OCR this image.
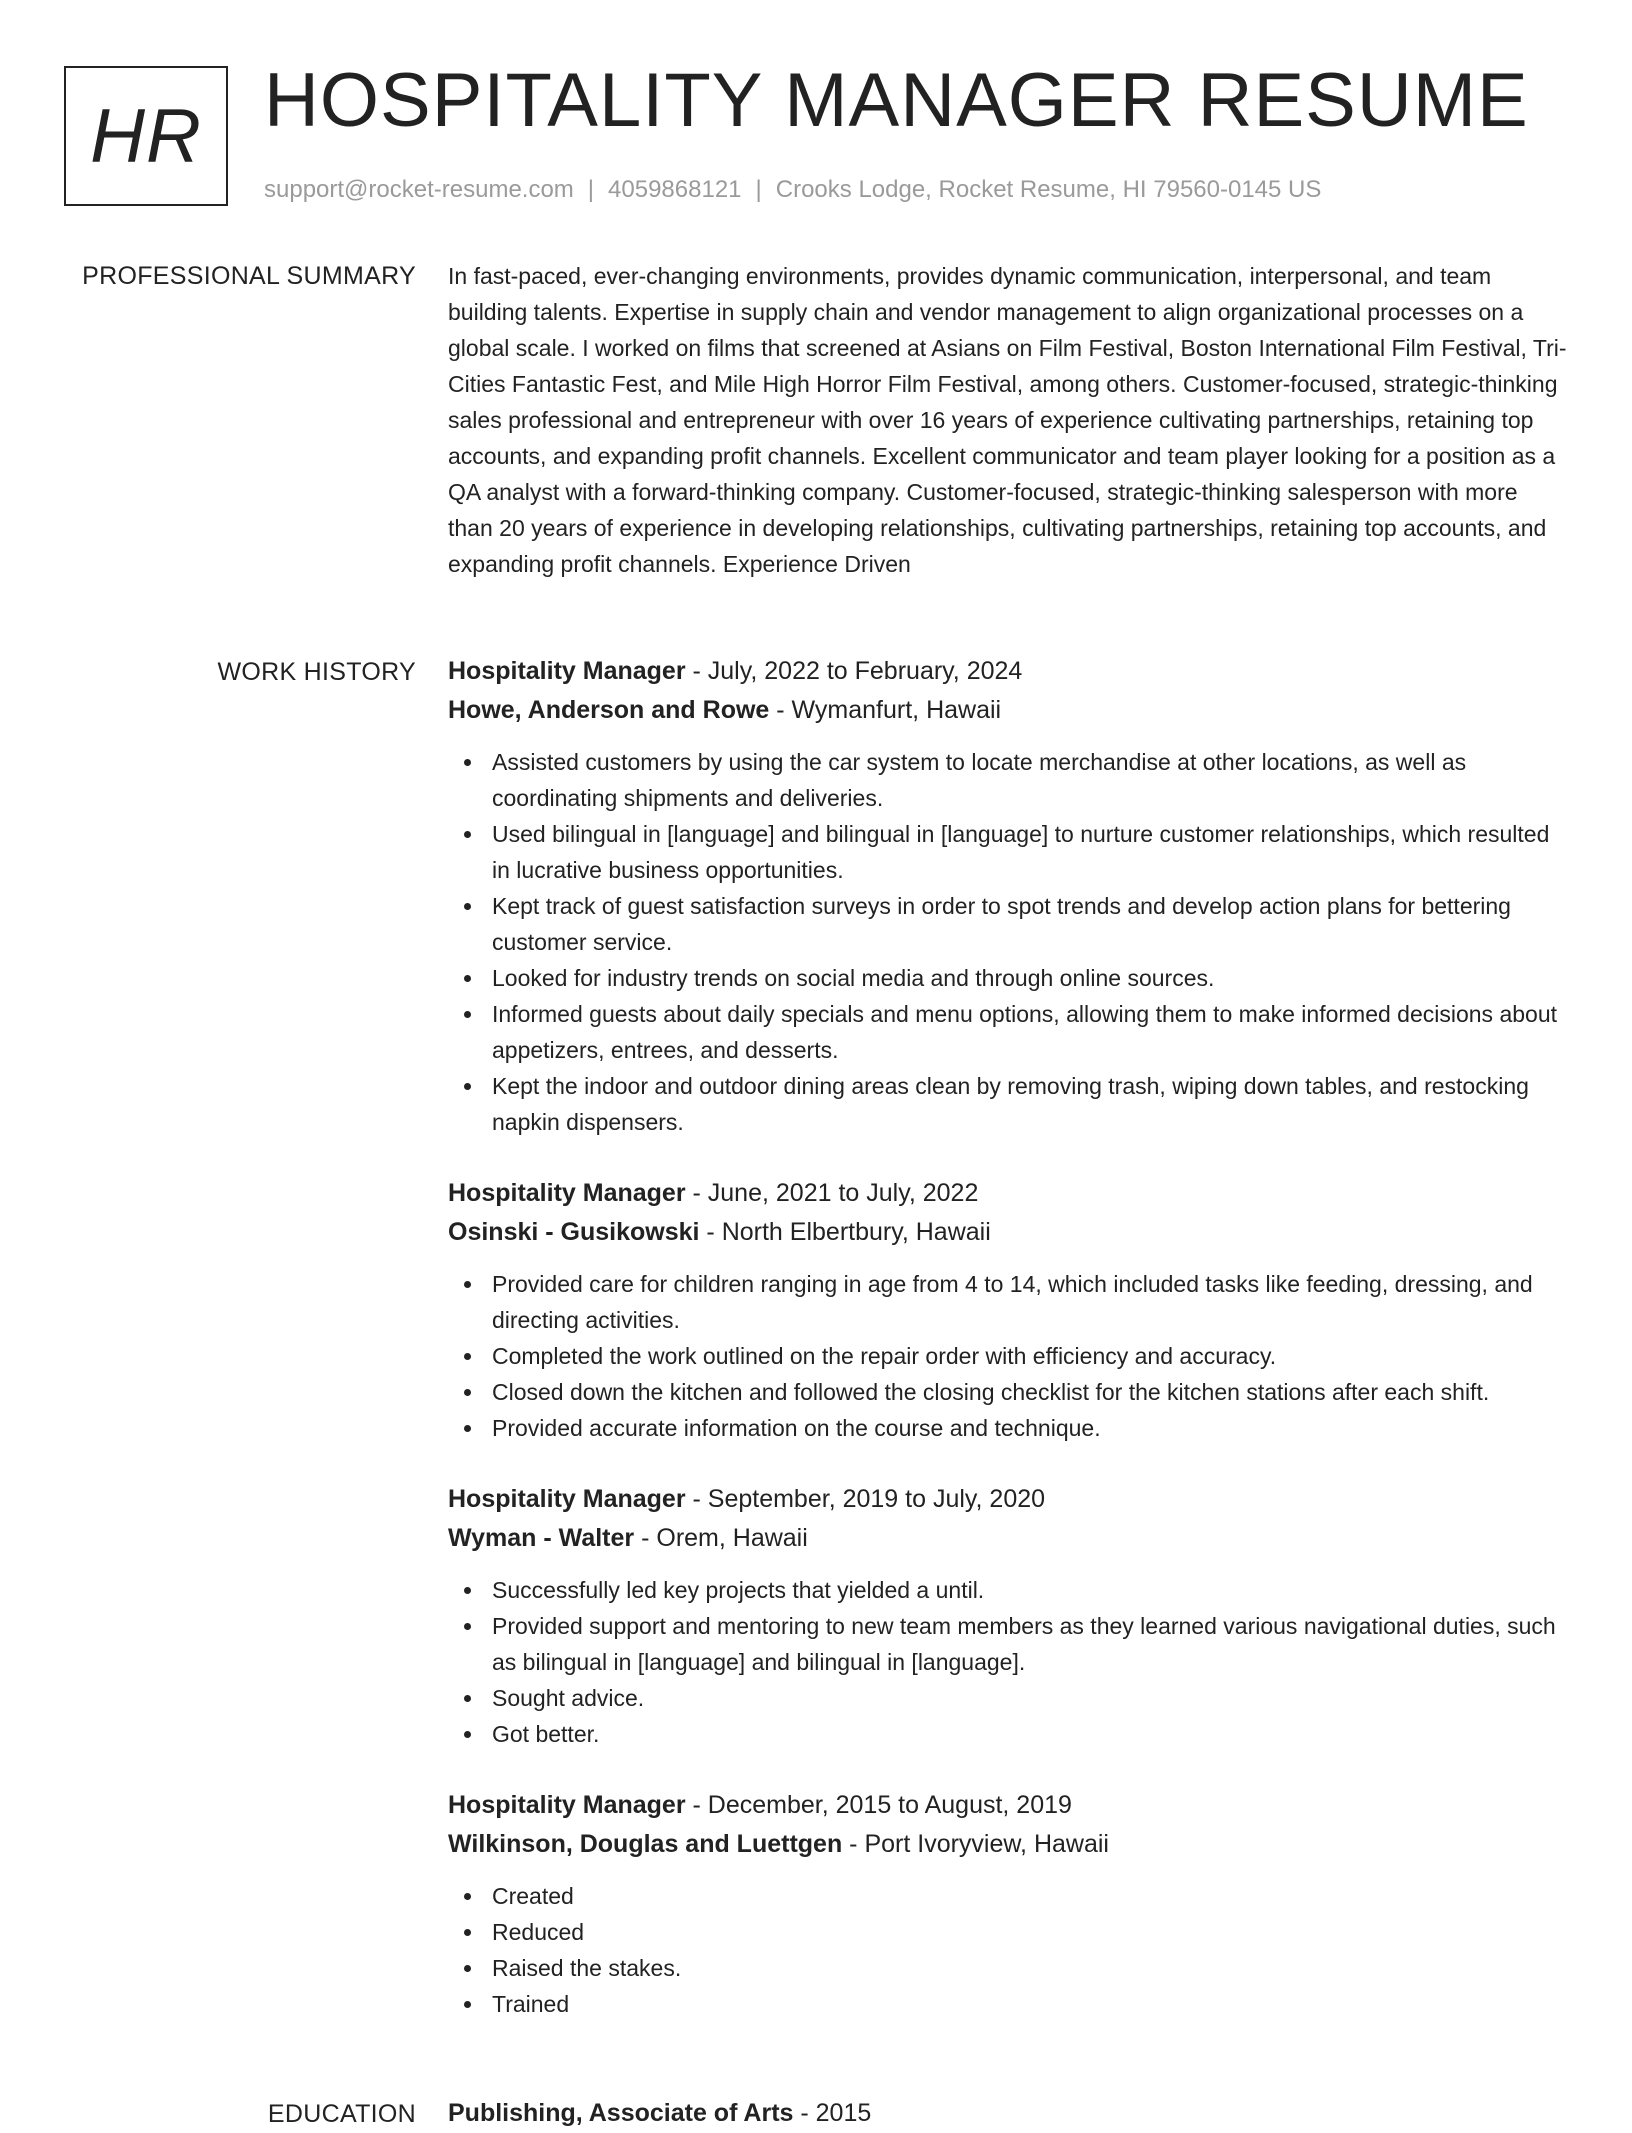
HR HOSPITALITY MANAGER RESUME
support@rocket-resume.com | 4059868121 | Crooks Lodge, Rocket Resume, HI 79560-0145 US
PROFESSIONAL SUMMARY In fast-paced, ever-changing environments, provides dynamic communication, interpersonal, and team building talents. Expertise in supply chain and vendor management to align organizational processes on a global scale. I worked on films that screened at Asians on Film Festival, Boston International Film Festival, Tri-Cities Fantastic Fest, and Mile High Horror Film Festival, among others. Customer-focused, strategic-thinking sales professional and entrepreneur with over 16 years of experience cultivating partnerships, retaining top accounts, and expanding profit channels. Excellent communicator and team player looking for a position as a QA analyst with a forward-thinking company. Customer-focused, strategic-thinking salesperson with more than 20 years of experience in developing relationships, cultivating partnerships, retaining top accounts, and expanding profit channels. Experience Driven

WORK HISTORY Hospitality Manager - July, 2022 to February, 2024
Howe, Anderson and Rowe - Wymanfurt, Hawaii
Assisted customers by using the car system to locate merchandise at other locations, as well as coordinating shipments and deliveries.
Used bilingual in [language] and bilingual in [language] to nurture customer relationships, which resulted in lucrative business opportunities.
Kept track of guest satisfaction surveys in order to spot trends and develop action plans for bettering customer service.
Looked for industry trends on social media and through online sources.
Informed guests about daily specials and menu options, allowing them to make informed decisions about appetizers, entrees, and desserts.
Kept the indoor and outdoor dining areas clean by removing trash, wiping down tables, and restocking napkin dispensers.
Hospitality Manager - June, 2021 to July, 2022
Osinski - Gusikowski - North Elbertbury, Hawaii
Provided care for children ranging in age from 4 to 14, which included tasks like feeding, dressing, and directing activities.
Completed the work outlined on the repair order with efficiency and accuracy.
Closed down the kitchen and followed the closing checklist for the kitchen stations after each shift.
Provided accurate information on the course and technique.
Hospitality Manager - September, 2019 to July, 2020
Wyman - Walter - Orem, Hawaii
Successfully led key projects that yielded a until.
Provided support and mentoring to new team members as they learned various navigational duties, such as bilingual in [language] and bilingual in [language].
Sought advice.
Got better.
Hospitality Manager - December, 2015 to August, 2019
Wilkinson, Douglas and Luettgen - Port Ivoryview, Hawaii
Created
Reduced
Raised the stakes.
Trained
EDUCATION Publishing, Associate of Arts - 2015
